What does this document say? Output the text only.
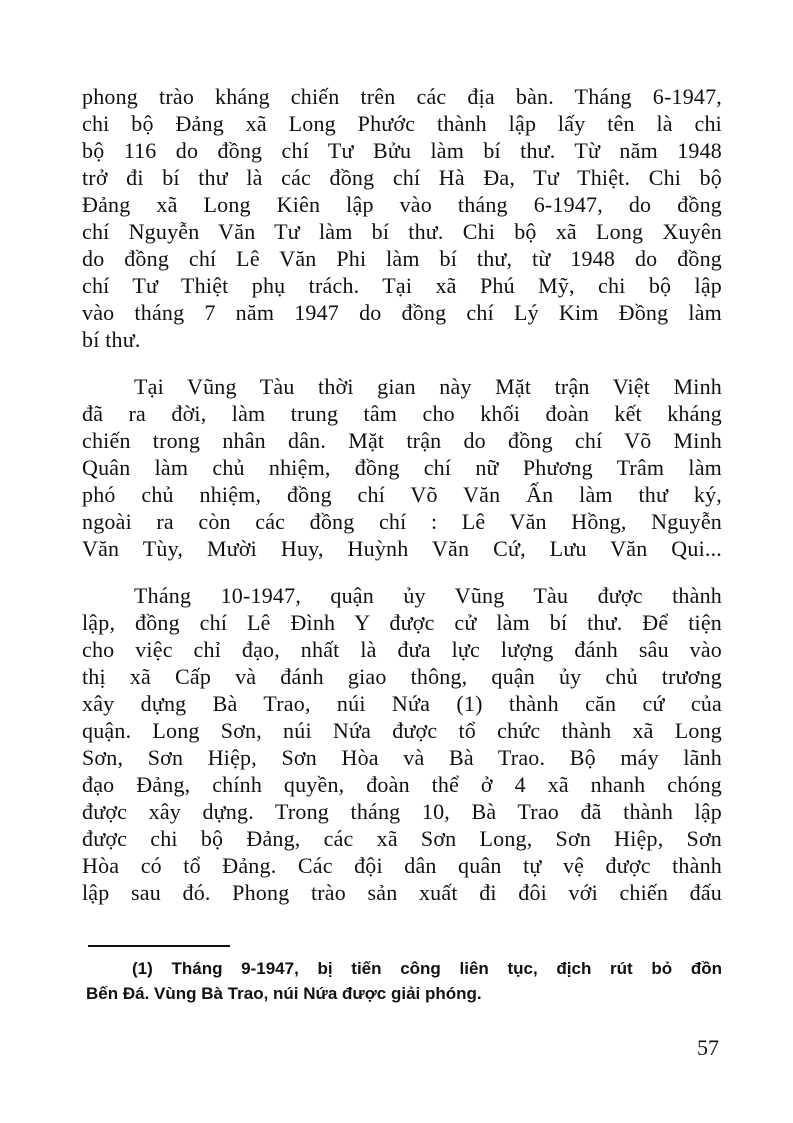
phong trào kháng chiến trên các địa bàn. Tháng 6-1947,
chi bộ Đảng xã Long Phước thành lập lấy tên là chi
bộ 116 do đồng chí Tư Bửu làm bí thư. Từ năm 1948
trở đi bí thư là các đồng chí Hà Đa, Tư Thiệt. Chi bộ
Đảng xã Long Kiên lập vào tháng 6-1947, do đồng
chí Nguyễn Văn Tư làm bí thư. Chi bộ xã Long Xuyên
do đồng chí Lê Văn Phi làm bí thư, từ 1948 do đồng
chí Tư Thiệt phụ trách. Tại xã Phú Mỹ, chi bộ lập
vào tháng 7 năm 1947 do đồng chí Lý Kim Đồng làm
bí thư.
Tại Vũng Tàu thời gian này Mặt trận Việt Minh
đã ra đời, làm trung tâm cho khối đoàn kết kháng
chiến trong nhân dân. Mặt trận do đồng chí Võ Minh
Quân làm chủ nhiệm, đồng chí nữ Phương Trâm làm
phó chủ nhiệm, đồng chí Võ Văn Ấn làm thư ký,
ngoài ra còn các đồng chí : Lê Văn Hồng, Nguyễn
Văn Tùy, Mười Huy, Huỳnh Văn Cứ, Lưu Văn Qui...
Tháng 10-1947, quận ủy Vũng Tàu được thành
lập, đồng chí Lê Đình Y được cử làm bí thư. Để tiện
cho việc chỉ đạo, nhất là đưa lực lượng đánh sâu vào
thị xã Cấp và đánh giao thông, quận ủy chủ trương
xây dựng Bà Trao, núi Nứa (1) thành căn cứ của
quận. Long Sơn, núi Nứa được tổ chức thành xã Long
Sơn, Sơn Hiệp, Sơn Hòa và Bà Trao. Bộ máy lãnh
đạo Đảng, chính quyền, đoàn thể ở 4 xã nhanh chóng
được xây dựng. Trong tháng 10, Bà Trao đã thành lập
được chi bộ Đảng, các xã Sơn Long, Sơn Hiệp, Sơn
Hòa có tổ Đảng. Các đội dân quân tự vệ được thành
lập sau đó. Phong trào sản xuất đi đôi với chiến đấu
(1) Tháng 9-1947, bị tiến công liên tục, địch rút bỏ đồn
Bến Đá. Vùng Bà Trao, núi Nứa được giải phóng.
57
